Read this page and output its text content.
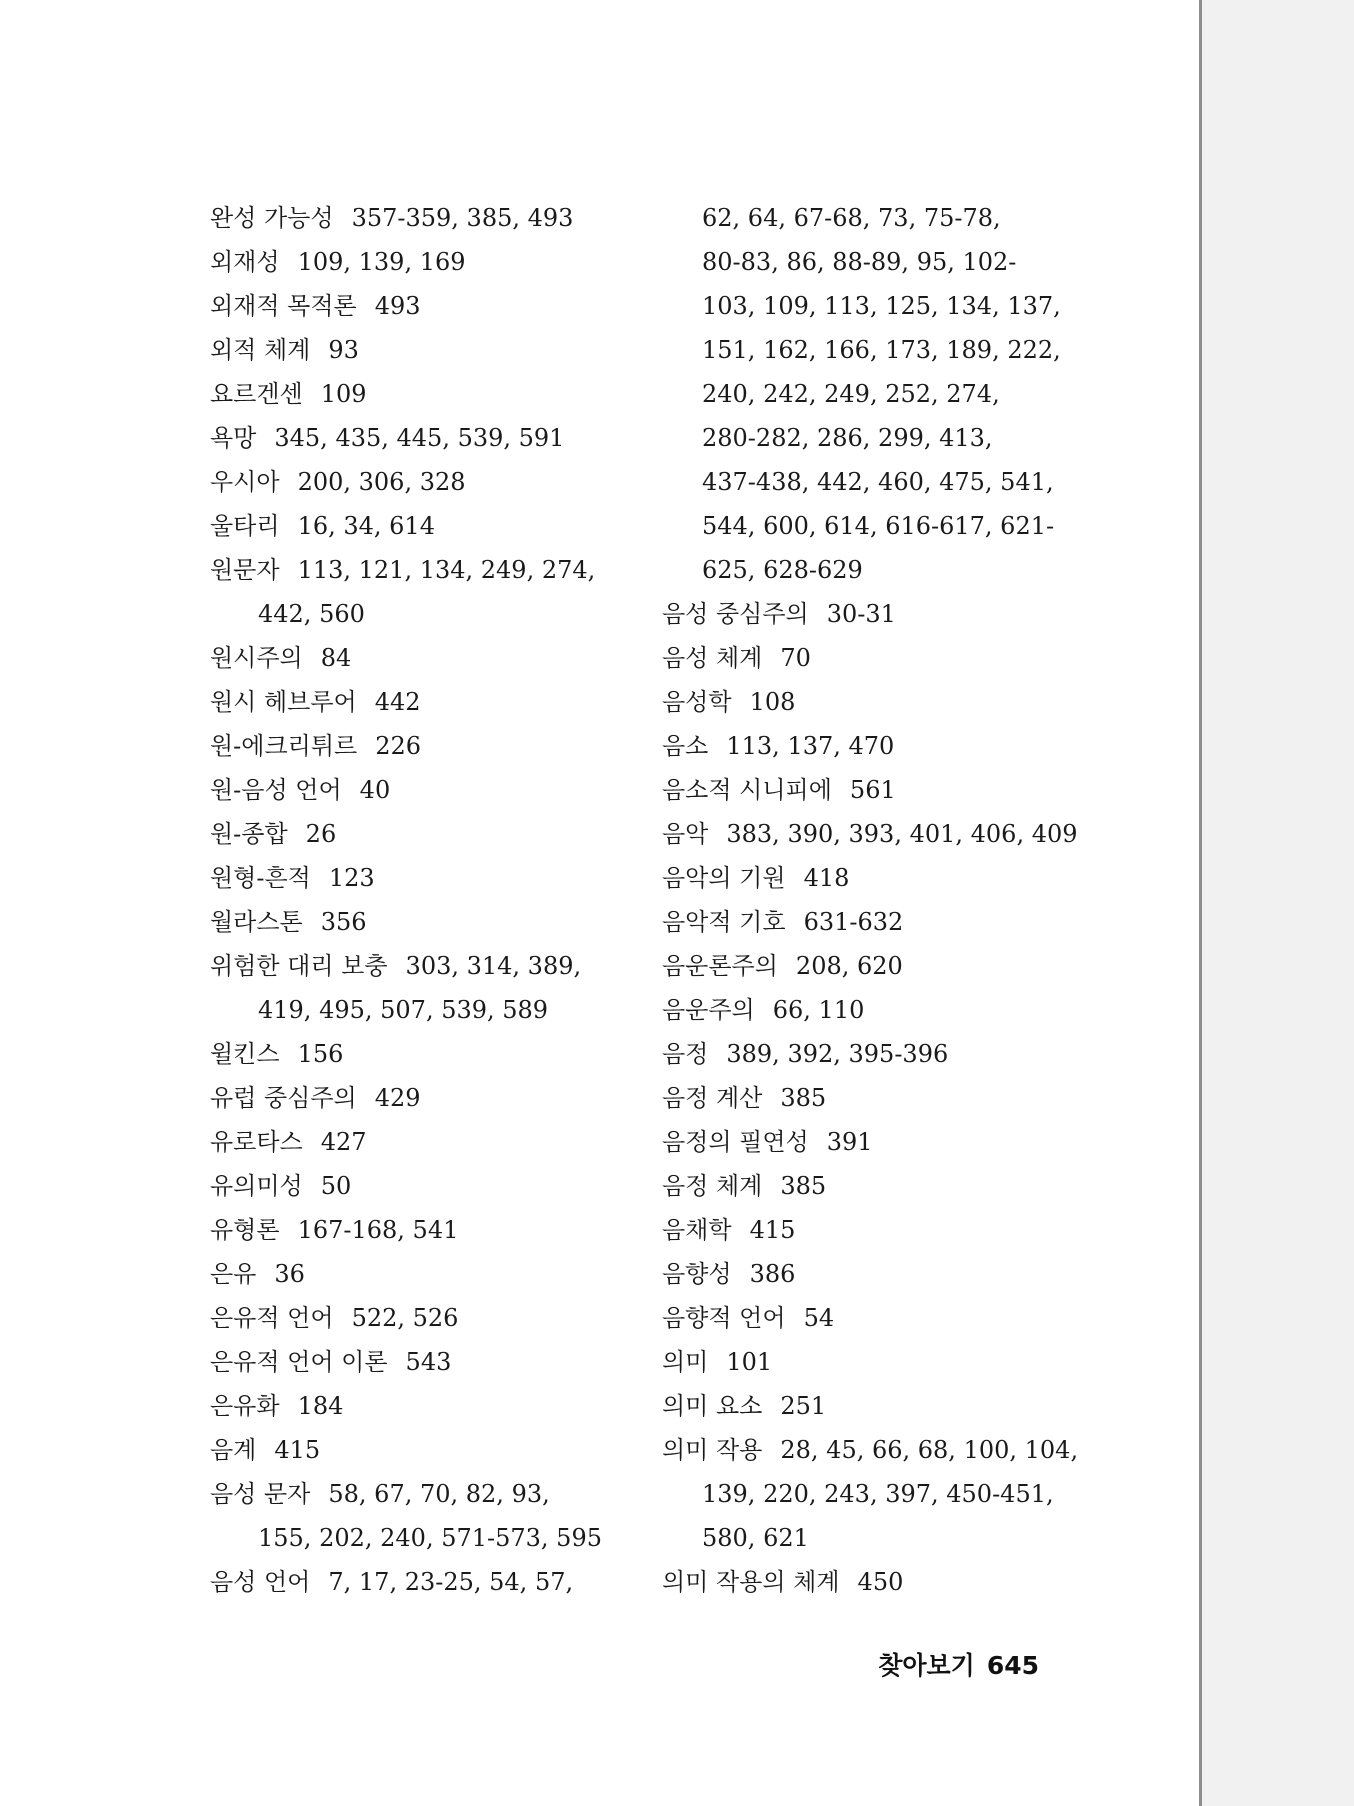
완성 가능성 357-359, 385, 493
외재성 109, 139, 169
외재적 목적론 493
외적 체계 93
요르겐센 109
욕망 345, 435, 445, 539, 591
우시아 200, 306, 328
울타리 16, 34, 614
원문자 113, 121, 134, 249, 274,
442, 560
원시주의 84
원시 헤브루어 442
원-에크리튀르 226
원-음성 언어 40
원-종합 26
원형-흔적 123
월라스톤 356
위험한 대리 보충 303, 314, 389,
419, 495, 507, 539, 589
윌킨스 156
유럽 중심주의 429
유로타스 427
유의미성 50
유형론 167-168, 541
은유 36
은유적 언어 522, 526
은유적 언어 이론 543
은유화 184
음계 415
음성 문자 58, 67, 70, 82, 93,
155, 202, 240, 571-573, 595
음성 언어 7, 17, 23-25, 54, 57,
62, 64, 67-68, 73, 75-78,
80-83, 86, 88-89, 95, 102-
103, 109, 113, 125, 134, 137,
151, 162, 166, 173, 189, 222,
240, 242, 249, 252, 274,
280-282, 286, 299, 413,
437-438, 442, 460, 475, 541,
544, 600, 614, 616-617, 621-
625, 628-629
음성 중심주의 30-31
음성 체계 70
음성학 108
음소 113, 137, 470
음소적 시니피에 561
음악 383, 390, 393, 401, 406, 409
음악의 기원 418
음악적 기호 631-632
음운론주의 208, 620
음운주의 66, 110
음정 389, 392, 395-396
음정 계산 385
음정의 필연성 391
음정 체계 385
음채학 415
음향성 386
음향적 언어 54
의미 101
의미 요소 251
의미 작용 28, 45, 66, 68, 100, 104,
139, 220, 243, 397, 450-451,
580, 621
의미 작용의 체계 450
찾아보기 645
